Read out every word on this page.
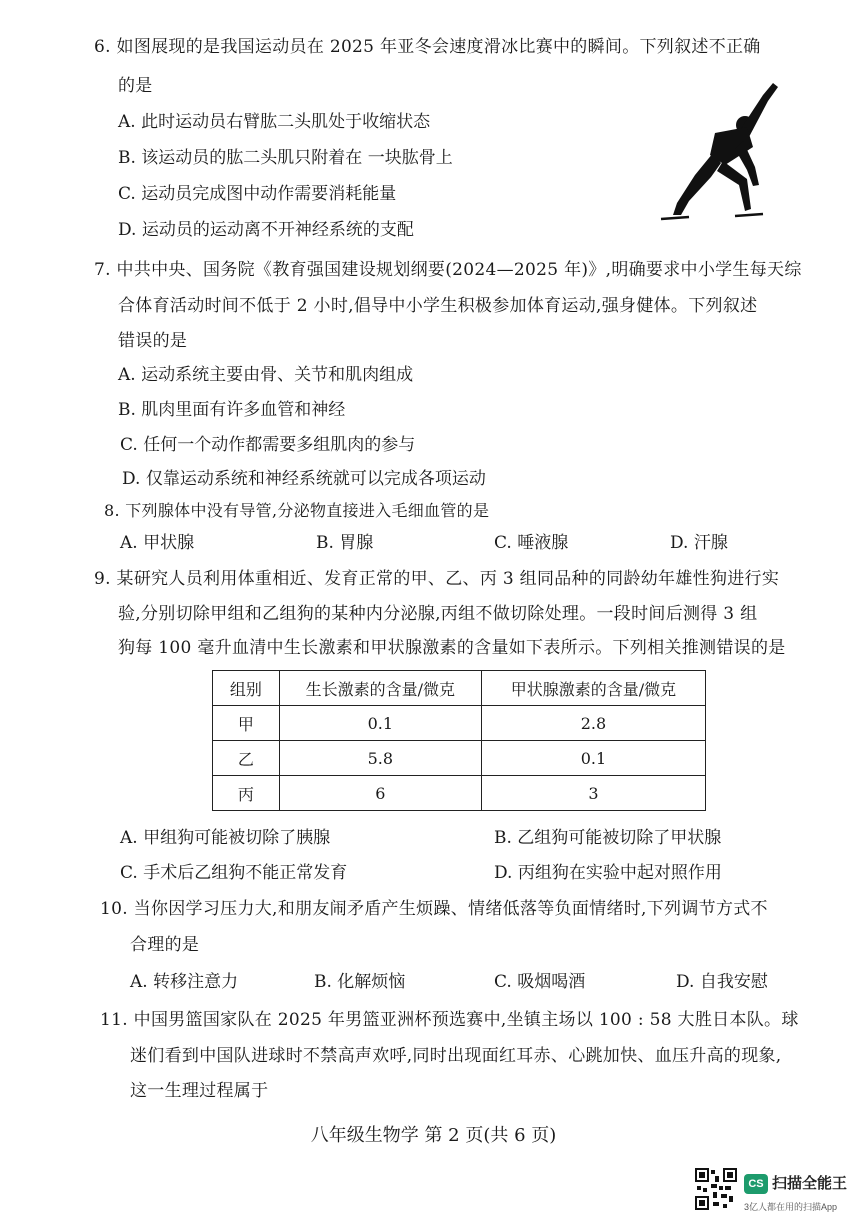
6. 如图展现的是我国运动员在 2025 年亚冬会速度滑冰比赛中的瞬间。下列叙述不正确
的是
A. 此时运动员右臂肱二头肌处于收缩状态
B. 该运动员的肱二头肌只附着在 一块肱骨上
C. 运动员完成图中动作需要消耗能量
D. 运动员的运动离不开神经系统的支配
7. 中共中央、国务院《教育强国建设规划纲要(2024—2025 年)》,明确要求中小学生每天综
合体育活动时间不低于 2 小时,倡导中小学生积极参加体育运动,强身健体。下列叙述
错误的是
A. 运动系统主要由骨、关节和肌肉组成
B. 肌肉里面有许多血管和神经
C. 任何一个动作都需要多组肌肉的参与
D. 仅靠运动系统和神经系统就可以完成各项运动
8. 下列腺体中没有导管,分泌物直接进入毛细血管的是
A. 甲状腺	B. 胃腺	C. 唾液腺	D. 汗腺
9. 某研究人员利用体重相近、发育正常的甲、乙、丙 3 组同品种的同龄幼年雄性狗进行实
验,分别切除甲组和乙组狗的某种内分泌腺,丙组不做切除处理。一段时间后测得 3 组
狗每 100 毫升血清中生长激素和甲状腺激素的含量如下表所示。下列相关推测错误的是
组别	生长激素的含量/微克	甲状腺激素的含量/微克
甲	0.1	2.8
乙	5.8	0.1
丙	6	3
A. 甲组狗可能被切除了胰腺	B. 乙组狗可能被切除了甲状腺
C. 手术后乙组狗不能正常发育	D. 丙组狗在实验中起对照作用
10. 当你因学习压力大,和朋友闹矛盾产生烦躁、情绪低落等负面情绪时,下列调节方式不
合理的是
A. 转移注意力	B. 化解烦恼	C. 吸烟喝酒	D. 自我安慰
11. 中国男篮国家队在 2025 年男篮亚洲杯预选赛中,坐镇主场以 100 : 58 大胜日本队。球
迷们看到中国队进球时不禁高声欢呼,同时出现面红耳赤、心跳加快、血压升高的现象,
这一生理过程属于
八年级生物学 第 2 页(共 6 页)
CS 扫描全能王
3亿人都在用的扫描App
